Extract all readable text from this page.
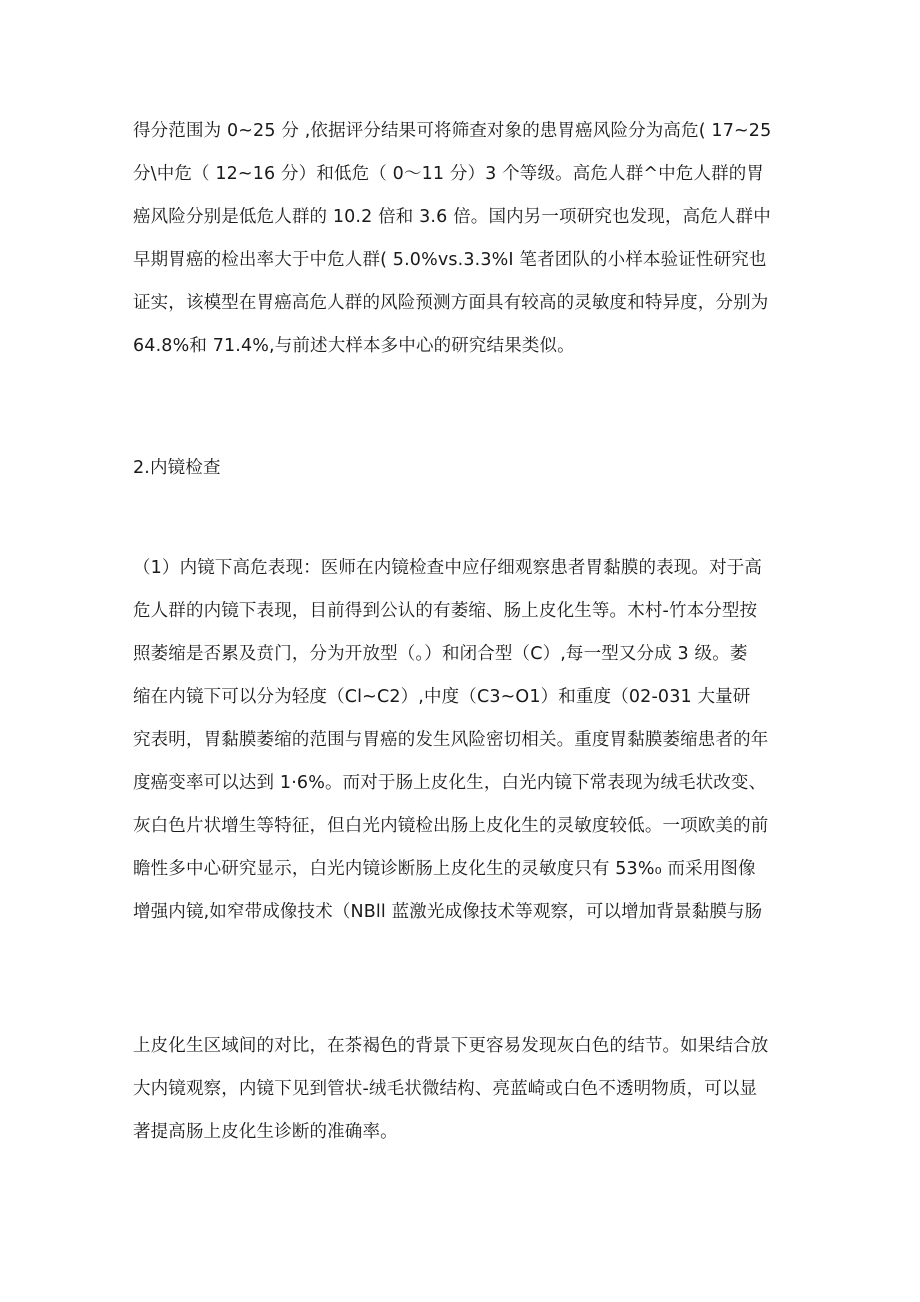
得分范围为 0~25 分 ,依据评分结果可将筛查对象的患胃癌风险分为高危( 17~25
分\中危（ 12~16 分）和低危（ 0〜11 分）3 个等级。高危人群^中危人群的胃
癌风险分别是低危人群的 10.2 倍和 3.6 倍。国内另一项研究也发现，高危人群中
早期胃癌的检出率大于中危人群( 5.0%vs.3.3%I 笔者团队的小样本验证性研究也
证实，该模型在胃癌高危人群的风险预测方面具有较高的灵敏度和特异度，分别为
64.8%和 71.4%,与前述大样本多中心的研究结果类似。
2.内镜检查
（1）内镜下高危表现：医师在内镜检查中应仔细观察患者胃黏膜的表现。对于高
危人群的内镜下表现，目前得到公认的有萎缩、肠上皮化生等。木村-竹本分型按
照萎缩是否累及贲门，分为开放型（。）和闭合型（C）,每一型又分成 3 级。萎
缩在内镜下可以分为轻度（Cl~C2）,中度（C3~O1）和重度（02-031 大量研
究表明，胃黏膜萎缩的范围与胃癌的发生风险密切相关。重度胃黏膜萎缩患者的年
度癌变率可以达到 1·6%。而对于肠上皮化生，白光内镜下常表现为绒毛状改变、
灰白色片状增生等特征，但白光内镜检出肠上皮化生的灵敏度较低。一项欧美的前
瞻性多中心研究显示，白光内镜诊断肠上皮化生的灵敏度只有 53%₀ 而采用图像
增强内镜,如窄带成像技术（NBll 蓝激光成像技术等观察，可以增加背景黏膜与肠
上皮化生区域间的对比，在茶褐色的背景下更容易发现灰白色的结节。如果结合放
大内镜观察，内镜下见到管状-绒毛状微结构、亮蓝崎或白色不透明物质，可以显
著提高肠上皮化生诊断的准确率。
